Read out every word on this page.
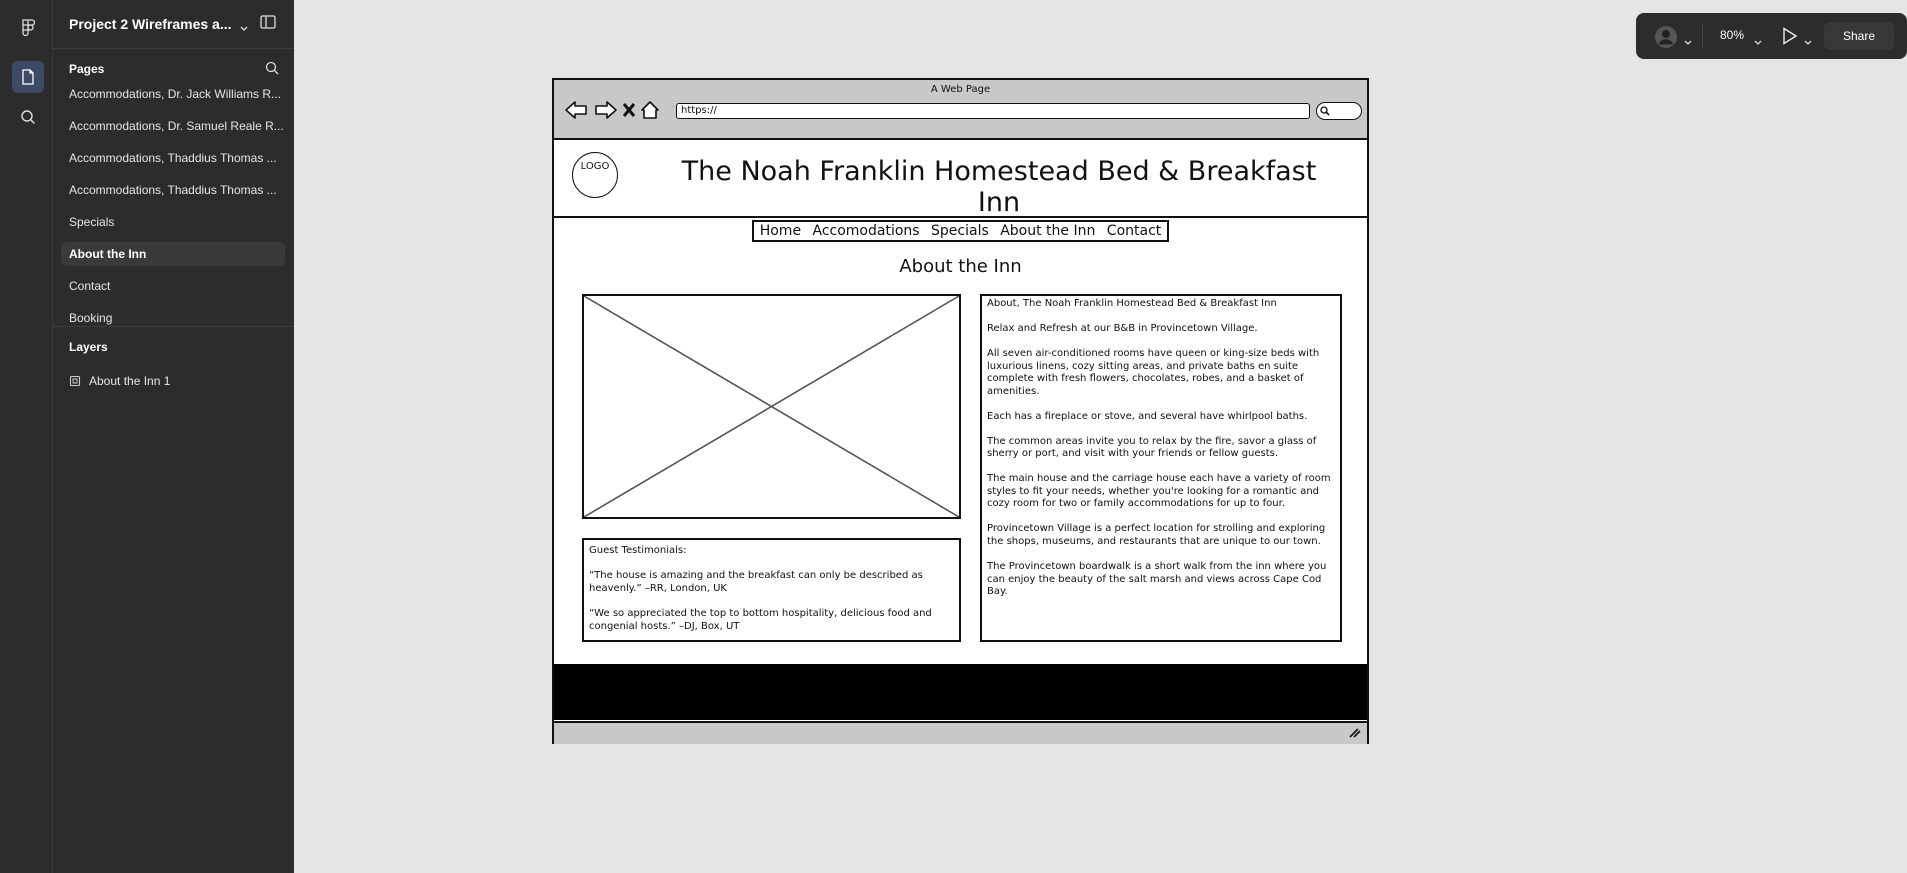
Project 2 Wireframes a...
Pages
Accommodations, Dr. Jack Williams R...
Accommodations, Dr. Samuel Reale R...
Accommodations, Thaddius Thomas ...
Accommodations, Thaddius Thomas ...
Specials
About the Inn
Contact
Booking
Layers
About the Inn 1
80%	Share
A Web Page
https://
LOGO	The Noah Franklin Homestead Bed & Breakfast Inn
Home Accomodations Specials About the Inn Contact
About the Inn

Guest Testimonials:

“The house is amazing and the breakfast can only be described as heavenly.” –RR, London, UK

“We so appreciated the top to bottom hospitality, delicious food and congenial hosts.” –DJ, Box, UT

About, The Noah Franklin Homestead Bed & Breakfast Inn

Relax and Refresh at our B&B in Provincetown Village.

All seven air-conditioned rooms have queen or king-size beds with luxurious linens, cozy sitting areas, and private baths en suite complete with fresh flowers, chocolates, robes, and a basket of amenities.

Each has a fireplace or stove, and several have whirlpool baths.

The common areas invite you to relax by the fire, savor a glass of sherry or port, and visit with your friends or fellow guests.

The main house and the carriage house each have a variety of room styles to fit your needs, whether you're looking for a romantic and cozy room for two or family accommodations for up to four.

Provincetown Village is a perfect location for strolling and exploring the shops, museums, and restaurants that are unique to our town.

The Provincetown boardwalk is a short walk from the inn where you can enjoy the beauty of the salt marsh and views across Cape Cod Bay.
